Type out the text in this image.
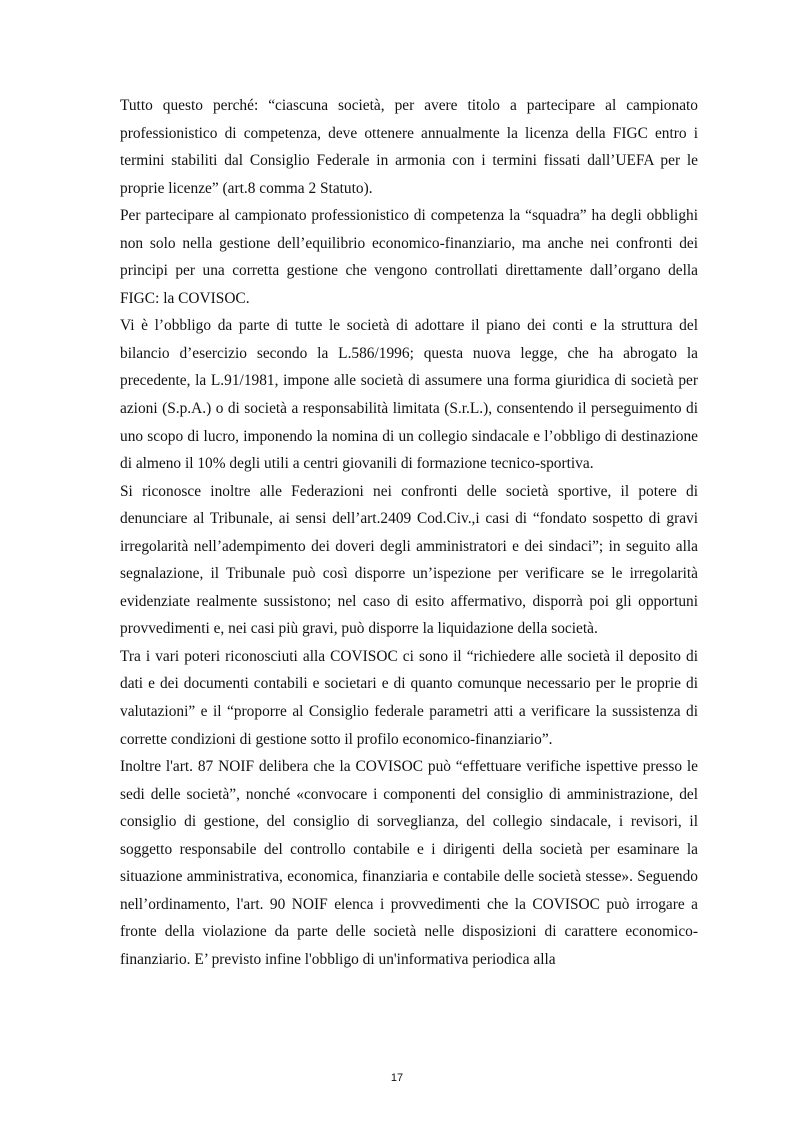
Tutto questo perché: “ciascuna società, per avere titolo a partecipare al campionato professionistico di competenza, deve ottenere annualmente la licenza della FIGC entro i termini stabiliti dal Consiglio Federale in armonia con i termini fissati dall’UEFA per le proprie licenze” (art.8 comma 2 Statuto).

Per partecipare al campionato professionistico di competenza la “squadra” ha degli obblighi non solo nella gestione dell’equilibrio economico-finanziario, ma anche nei confronti dei principi per una corretta gestione che vengono controllati direttamente dall’organo della FIGC: la COVISOC.

Vi è l’obbligo da parte di tutte le società di adottare il piano dei conti e la struttura del bilancio d’esercizio secondo la L.586/1996; questa nuova legge, che ha abrogato la precedente, la L.91/1981, impone alle società di assumere una forma giuridica di società per azioni (S.p.A.) o di società a responsabilità limitata (S.r.L.), consentendo il perseguimento di uno scopo di lucro, imponendo la nomina di un collegio sindacale e l’obbligo di destinazione di almeno il 10% degli utili a centri giovanili di formazione tecnico-sportiva.

Si riconosce inoltre alle Federazioni nei confronti delle società sportive, il potere di denunciare al Tribunale, ai sensi dell’art.2409 Cod.Civ.,i casi di “fondato sospetto di gravi irregolarità nell’adempimento dei doveri degli amministratori e dei sindaci”; in seguito alla segnalazione, il Tribunale può così disporre un’ispezione per verificare se le irregolarità evidenziate realmente sussistono; nel caso di esito affermativo, disporrà poi gli opportuni provvedimenti e, nei casi più gravi, può disporre la liquidazione della società.

Tra i vari poteri riconosciuti alla COVISOC ci sono il “richiedere alle società il deposito di dati e dei documenti contabili e societari e di quanto comunque necessario per le proprie di valutazioni” e il “proporre al Consiglio federale parametri atti a verificare la sussistenza di corrette condizioni di gestione sotto il profilo economico-finanziario”.

Inoltre l'art. 87 NOIF delibera che la COVISOC può “effettuare verifiche ispettive presso le sedi delle società”, nonché «convocare i componenti del consiglio di amministrazione, del consiglio di gestione, del consiglio di sorveglianza, del collegio sindacale, i revisori, il soggetto responsabile del controllo contabile e i dirigenti della società per esaminare la situazione amministrativa, economica, finanziaria e contabile delle società stesse». Seguendo nell’ordinamento, l'art. 90 NOIF elenca i provvedimenti che la COVISOC può irrogare a fronte della violazione da parte delle società nelle disposizioni di carattere economico-finanziario. E’ previsto infine l'obbligo di un'informativa periodica alla

17
